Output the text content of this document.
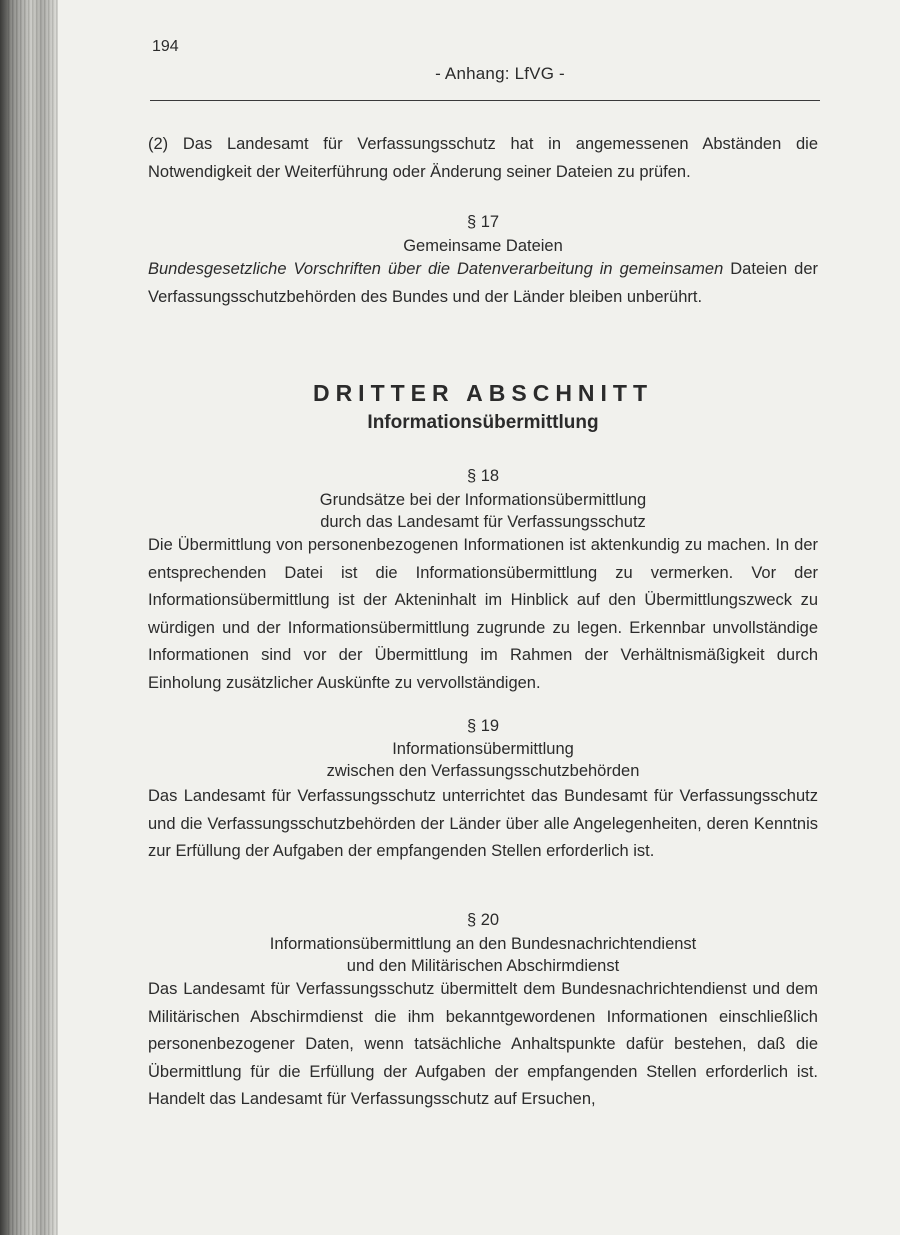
194
- Anhang: LfVG -
(2) Das Landesamt für Verfassungsschutz hat in angemessenen Abständen die Notwendigkeit der Weiterführung oder Änderung seiner Dateien zu prüfen.
§ 17
Gemeinsame Dateien
Bundesgesetzliche Vorschriften über die Datenverarbeitung in gemeinsamen Dateien der Verfassungsschutzbehörden des Bundes und der Länder bleiben unberührt.
DRITTER ABSCHNITT
Informationsübermittlung
§ 18
Grundsätze bei der Informationsübermittlung
durch das Landesamt für Verfassungsschutz
Die Übermittlung von personenbezogenen Informationen ist aktenkundig zu machen. In der entsprechenden Datei ist die Informationsübermittlung zu vermerken. Vor der Informationsübermittlung ist der Akteninhalt im Hinblick auf den Übermittlungszweck zu würdigen und der Informationsübermittlung zugrunde zu legen. Erkennbar unvollständige Informationen sind vor der Übermittlung im Rahmen der Verhältnismäßigkeit durch Einholung zusätzlicher Auskünfte zu vervollständigen.
§ 19
Informationsübermittlung
zwischen den Verfassungsschutzbehörden
Das Landesamt für Verfassungsschutz unterrichtet das Bundesamt für Verfassungsschutz und die Verfassungsschutzbehörden der Länder über alle Angelegenheiten, deren Kenntnis zur Erfüllung der Aufgaben der empfangenden Stellen erforderlich ist.
§ 20
Informationsübermittlung an den Bundesnachrichtendienst
und den Militärischen Abschirmdienst
Das Landesamt für Verfassungsschutz übermittelt dem Bundesnachrichtendienst und dem Militärischen Abschirmdienst die ihm bekanntgewordenen Informationen einschließlich personenbezogener Daten, wenn tatsächliche Anhaltspunkte dafür bestehen, daß die Übermittlung für die Erfüllung der Aufgaben der empfangenden Stellen erforderlich ist. Handelt das Landesamt für Verfassungsschutz auf Ersuchen,
